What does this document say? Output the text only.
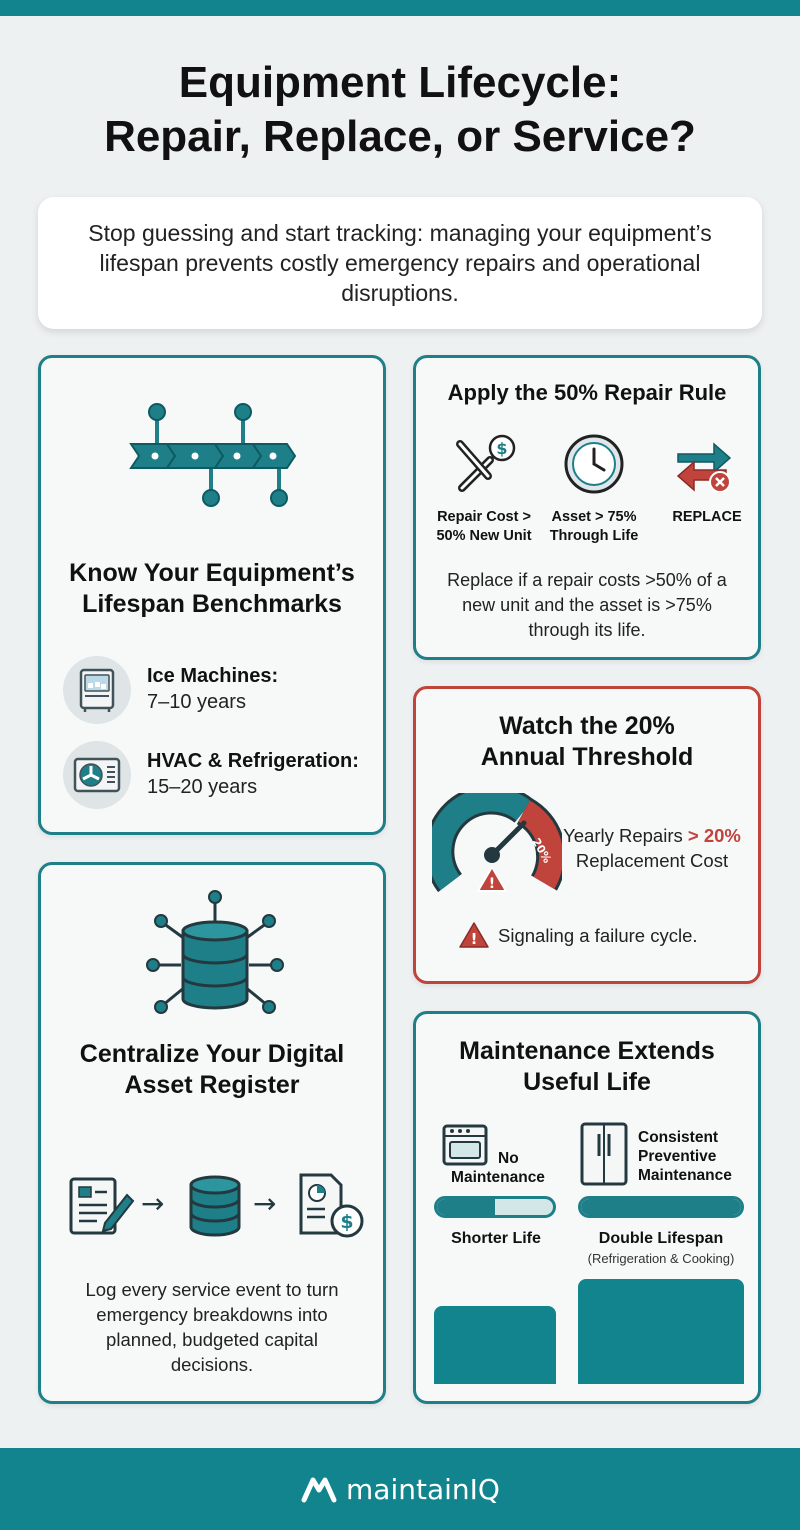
Equipment Lifecycle:
Repair, Replace, or Service?
Stop guessing and start tracking: managing your equipment’s lifespan prevents costly emergency repairs and operational disruptions.
Know Your Equipment’s
Lifespan Benchmarks
Ice Machines:
7–10 years
HVAC & Refrigeration:
15–20 years
Apply the 50% Repair Rule
$
Repair Cost >
50% New Unit
Asset > 75%
Through Life
REPLACE
Replace if a repair costs >50% of a new unit and the asset is >75% through its life.
Watch the 20%
Annual Threshold
20%
!
Yearly Repairs > 20%
Replacement Cost
! Signaling a failure cycle.
Centralize Your Digital
Asset Register
→	→
$
Log every service event to turn emergency breakdowns into planned, budgeted capital decisions.
Maintenance Extends
Useful Life
No
Maintenance
Consistent
Preventive
Maintenance
Shorter Life	Double Lifespan
(Refrigeration & Cooking)
maintainIQ
